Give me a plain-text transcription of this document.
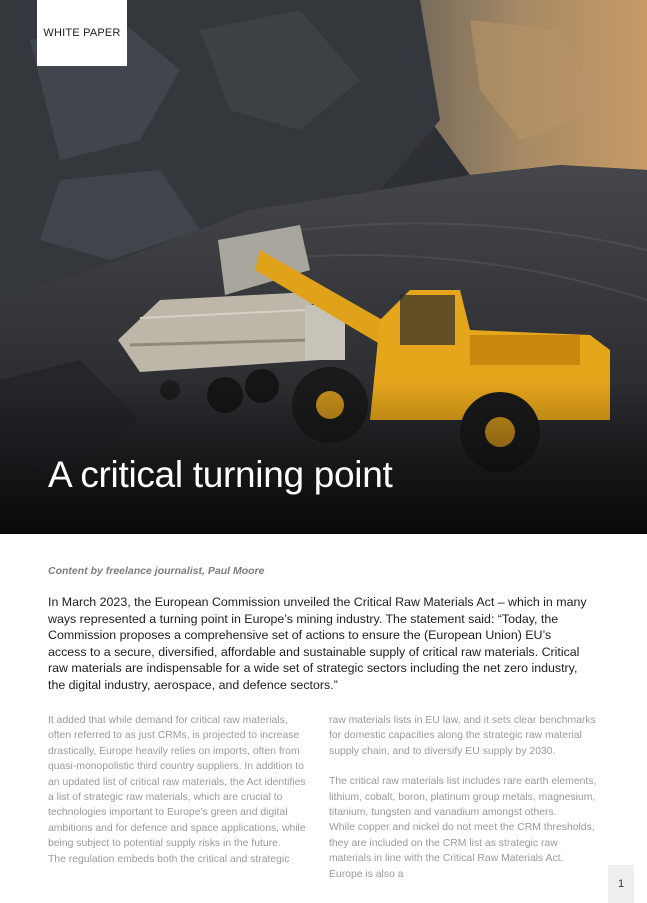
WHITE PAPER
A critical turning point
Content by freelance journalist, Paul Moore

In March 2023, the European Commission unveiled the Critical Raw Materials Act – which in many ways represented a turning point in Europe’s mining industry. The statement said: “Today, the Commission proposes a comprehensive set of actions to ensure the (European Union) EU’s access to a secure, diversified, affordable and sustainable supply of critical raw materials. Critical raw materials are indispensable for a wide set of strategic sectors including the net zero industry, the digital industry, aerospace, and defence sectors.”

It added that while demand for critical raw materials, often referred to as just CRMs, is projected to increase drastically, Europe heavily relies on imports, often from quasi-monopolistic third country suppliers. In addition to an updated list of critical raw materials, the Act identifies a list of strategic raw materials, which are crucial to technologies important to Europe’s green and digital ambitions and for defence and space applications, while being subject to potential supply risks in the future.

The regulation embeds both the critical and strategic

raw materials lists in EU law, and it sets clear benchmarks for domestic capacities along the strategic raw material supply chain, and to diversify EU supply by 2030.

The critical raw materials list includes rare earth elements, lithium, cobalt, boron, platinum group metals, magnesium, titanium, tungsten and vanadium amongst others.

While copper and nickel do not meet the CRM thresholds, they are included on the CRM list as strategic raw materials in line with the Critical Raw Materials Act. Europe is also a

1
